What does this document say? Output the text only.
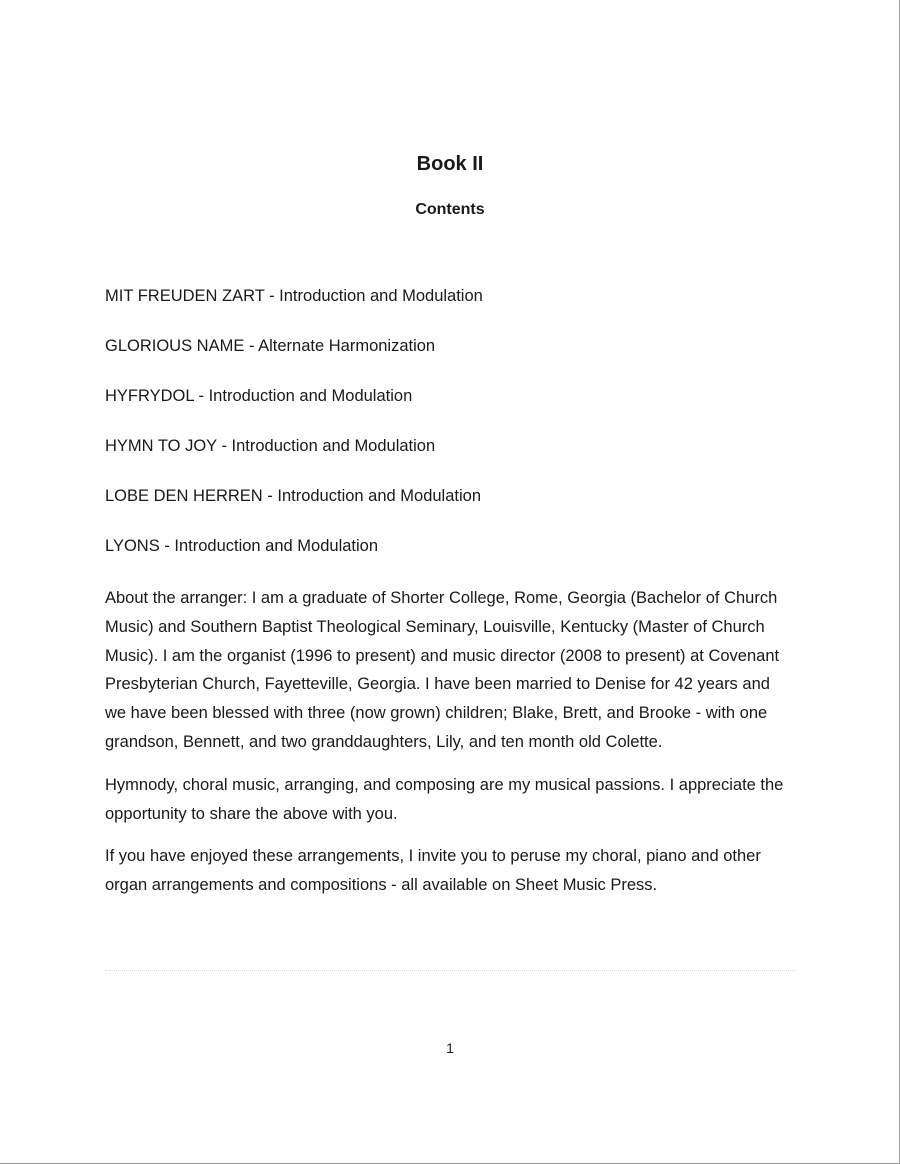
Book II
Contents
MIT FREUDEN ZART - Introduction and Modulation
GLORIOUS NAME - Alternate Harmonization
HYFRYDOL - Introduction and Modulation
HYMN TO JOY - Introduction and Modulation
LOBE DEN HERREN - Introduction and Modulation
LYONS - Introduction and Modulation

About the arranger: I am a graduate of Shorter College, Rome, Georgia (Bachelor of Church Music) and Southern Baptist Theological Seminary, Louisville, Kentucky (Master of Church Music). I am the organist (1996 to present) and music director (2008 to present) at Covenant Presbyterian Church, Fayetteville, Georgia. I have been married to Denise for 42 years and we have been blessed with three (now grown) children; Blake, Brett, and Brooke - with one grandson, Bennett, and two granddaughters, Lily, and ten month old Colette.

Hymnody, choral music, arranging, and composing are my musical passions. I appreciate the opportunity to share the above with you.

If you have enjoyed these arrangements, I invite you to peruse my choral, piano and other organ arrangements and compositions - all available on Sheet Music Press.

1
